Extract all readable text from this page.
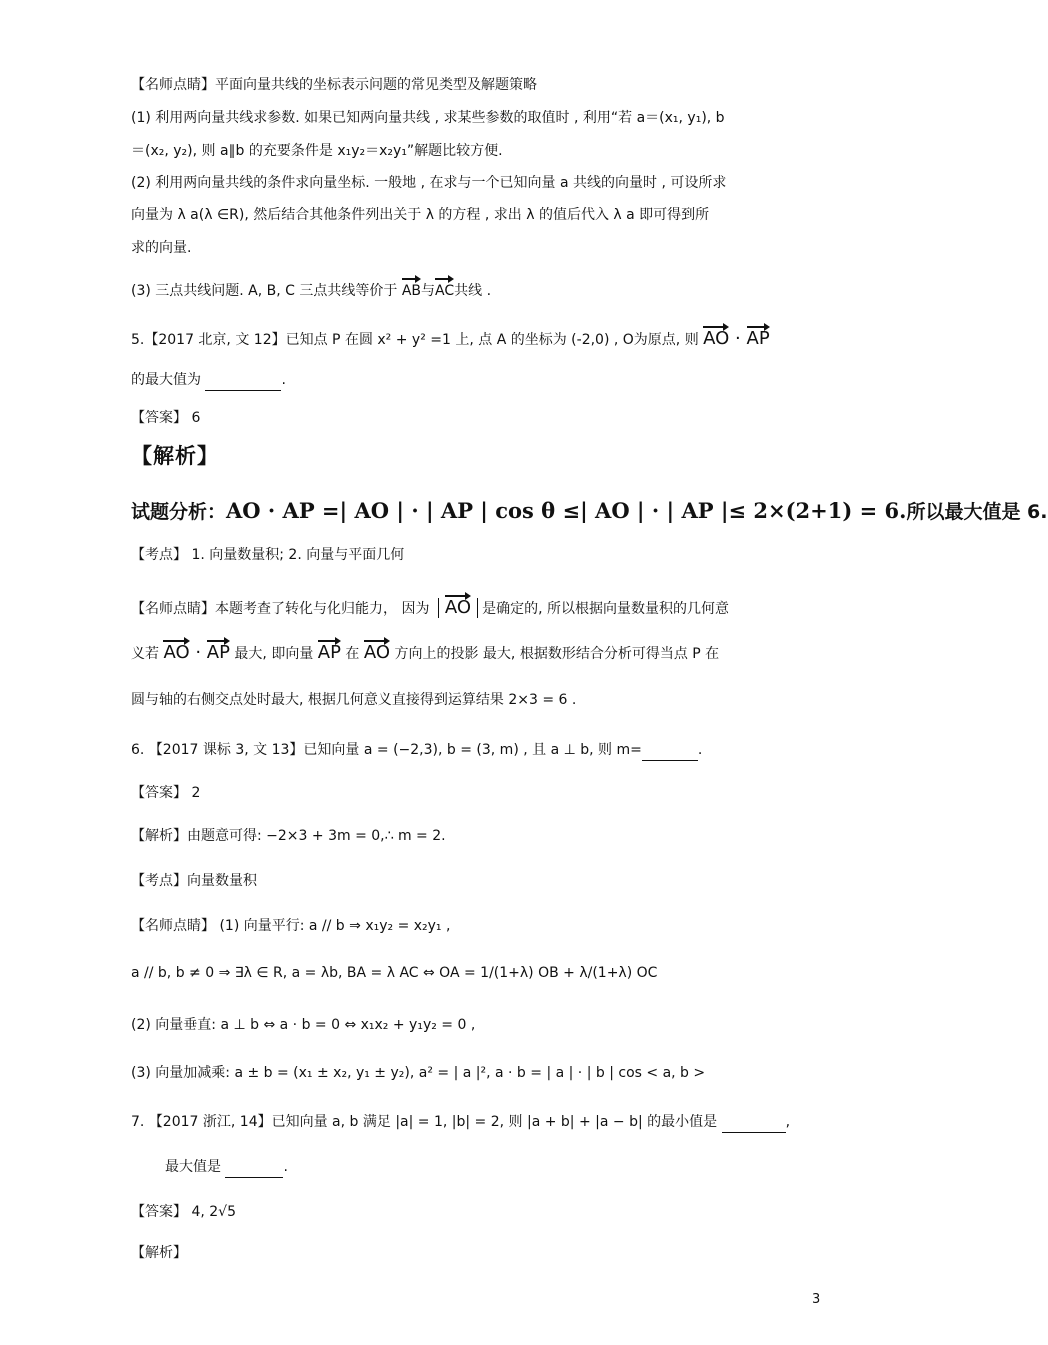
【名师点睛】平面向量共线的坐标表示问题的常见类型及解题策略
(1) 利用两向量共线求参数. 如果已知两向量共线 , 求某些参数的取值时 , 利用“若 a＝(x₁, y₁), b
＝(x₂, y₂), 则 a∥b 的充要条件是 x₁y₂＝x₂y₁”解题比较方便.
(2) 利用两向量共线的条件求向量坐标. 一般地 , 在求与一个已知向量 a 共线的向量时 , 可设所求
向量为 λ a(λ ∈R), 然后结合其他条件列出关于 λ 的方程 , 求出 λ 的值后代入 λ a 即可得到所
求的向量.
(3) 三点共线问题. A, B, C 三点共线等价于 AB与AC共线 .
5.【2017 北京, 文 12】已知点 P 在圆 x² + y² =1 上, 点 A 的坐标为 (-2,0) , O为原点, 则 AO · AP
的最大值为	.
【答案】 6
【解析】
试题分析：AO · AP =| AO | · | AP | cos θ ≤| AO | · | AP |≤ 2×(2+1) = 6.所以最大值是 6.
【考点】 1. 向量数量积; 2. 向量与平面几何
【名师点睛】本题考查了转化与化归能力， 因为 AO 是确定的, 所以根据向量数量积的几何意
义若 AO · AP 最大, 即向量 AP 在 AO 方向上的投影 最大, 根据数形结合分析可得当点 P 在
圆与轴的右侧交点处时最大, 根据几何意义直接得到运算结果 2×3 = 6 .
6. 【2017 课标 3, 文 13】已知向量 a = (−2,3), b = (3, m) , 且 a ⊥ b, 则 m=	.
【答案】 2
【解析】由题意可得: −2×3 + 3m = 0,∴ m = 2.
【考点】向量数量积
【名师点睛】 (1) 向量平行: a // b ⇒ x₁y₂ = x₂y₁ ,
a // b, b ≠ 0 ⇒ ∃λ ∈ R, a = λb, BA = λ AC ⇔ OA = 1/(1+λ) OB + λ/(1+λ) OC
(2) 向量垂直: a ⊥ b ⇔ a · b = 0 ⇔ x₁x₂ + y₁y₂ = 0 ,
(3) 向量加减乘: a ± b = (x₁ ± x₂, y₁ ± y₂), a² = | a |², a · b = | a | · | b | cos < a, b >
7. 【2017 浙江, 14】已知向量 a, b 满足 |a| = 1, |b| = 2, 则 |a + b| + |a − b| 的最小值是	,
最大值是	.
【答案】 4, 2√5
【解析】
3
